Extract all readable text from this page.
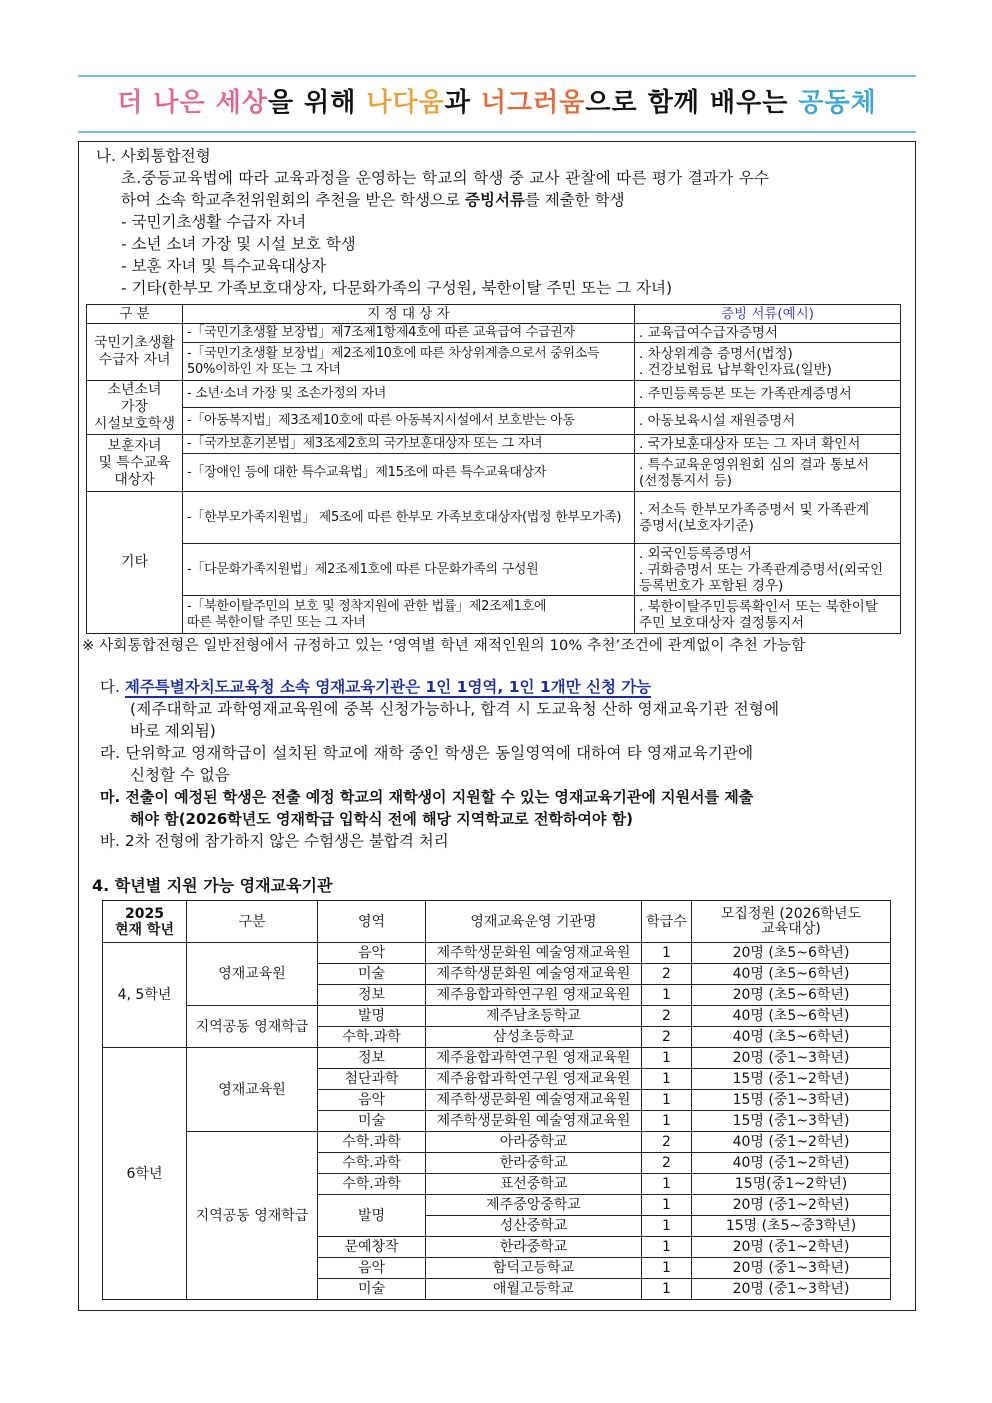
더 나은 세상을 위해 나다움과 너그러움으로 함께 배우는 공동체
나. 사회통합전형
초.중등교육법에 따라 교육과정을 운영하는 학교의 학생 중 교사 관찰에 따른 평가 결과가 우수
하여 소속 학교추천위원회의 추천을 받은 학생으로 증빙서류를 제출한 학생
- 국민기초생활 수급자 자녀
- 소년 소녀 가장 및 시설 보호 학생
- 보훈 자녀 및 특수교육대상자
- 기타(한부모 가족보호대상자, 다문화가족의 구성원, 북한이탈 주민 또는 그 자녀)
구 분	지 정 대 상 자	증빙 서류(예시)
국민기초생활
수급자 자녀	-「국민기초생활 보장법」제7조제1항제4호에 따른 교육급여 수급권자	. 교육급여수급자증명서
	-「국민기초생활 보장법」제2조제10호에 따른 차상위계층으로서 중위소득
50%이하인 자 또는 그 자녀	. 차상위계층 증명서(법정)
. 건강보험료 납부확인자료(일반)
소년소녀
가장
시설보호학생	- 소년·소녀 가장 및 조손가정의 자녀	. 주민등록등본 또는 가족관계증명서
	-「아동복지법」제3조제10호에 따른 아동복지시설에서 보호받는 아동	. 아동보육시설 재원증명서
보훈자녀
및 특수교육
대상자	-「국가보훈기본법」제3조제2호의 국가보훈대상자 또는 그 자녀	. 국가보훈대상자 또는 그 자녀 확인서
	-「장애인 등에 대한 특수교육법」제15조에 따른 특수교육대상자	. 특수교육운영위원회 심의 결과 통보서
(선정통지서 등)
기타	-「한부모가족지원법」 제5조에 따른 한부모 가족보호대상자(법정 한부모가족)	. 저소득 한부모가족증명서 및 가족관계
증명서(보호자기준)
	-「다문화가족지원법」제2조제1호에 따른 다문화가족의 구성원	. 외국인등록증명서
. 귀화증명서 또는 가족관계증명서(외국인
등록번호가 포함된 경우)
	-「북한이탈주민의 보호 및 정착지원에 관한 법률」제2조제1호에
따른 북한이탈 주민 또는 그 자녀	. 북한이탈주민등록확인서 또는 북한이탈
주민 보호대상자 결정통지서
※ 사회통합전형은 일반전형에서 규정하고 있는 ‘영역별 학년 재적인원의 10% 추천’조건에 관계없이 추천 가능함
다. 제주특별자치도교육청 소속 영재교육기관은 1인 1영역, 1인 1개만 신청 가능
(제주대학교 과학영재교육원에 중복 신청가능하나, 합격 시 도교육청 산하 영재교육기관 전형에
바로 제외됨)
라. 단위학교 영재학급이 설치된 학교에 재학 중인 학생은 동일영역에 대하여 타 영재교육기관에
신청할 수 없음
마. 전출이 예정된 학생은 전출 예정 학교의 재학생이 지원할 수 있는 영재교육기관에 지원서를 제출
해야 함(2026학년도 영재학급 입학식 전에 해당 지역학교로 전학하여야 함)
바. 2차 전형에 참가하지 않은 수험생은 불합격 처리
4. 학년별 지원 가능 영재교육기관
2025
현재 학년	구분	영역	영재교육운영 기관명	학급수	모집정원 (2026학년도
교육대상)
4, 5학년	영재교육원	음악	제주학생문화원 예술영재교육원	1	20명 (초5~6학년)
		미술	제주학생문화원 예술영재교육원	2	40명 (초5~6학년)
		정보	제주융합과학연구원 영재교육원	1	20명 (초5~6학년)
	지역공동 영재학급	발명	제주남초등학교	2	40명 (초5~6학년)
		수학.과학	삼성초등학교	2	40명 (초5~6학년)
6학년	영재교육원	정보	제주융합과학연구원 영재교육원	1	20명 (중1~3학년)
		첨단과학	제주융합과학연구원 영재교육원	1	15명 (중1~2학년)
		음악	제주학생문화원 예술영재교육원	1	15명 (중1~3학년)
		미술	제주학생문화원 예술영재교육원	1	15명 (중1~3학년)
	지역공동 영재학급	수학.과학	아라중학교	2	40명 (중1~2학년)
		수학.과학	한라중학교	2	40명 (중1~2학년)
		수학.과학	표선중학교	1	15명(중1~2학년)
		발명	제주중앙중학교	1	20명 (중1~2학년)
			성산중학교	1	15명 (초5~중3학년)
		문예창작	한라중학교	1	20명 (중1~2학년)
		음악	함덕고등학교	1	20명 (중1~3학년)
		미술	애월고등학교	1	20명 (중1~3학년)
